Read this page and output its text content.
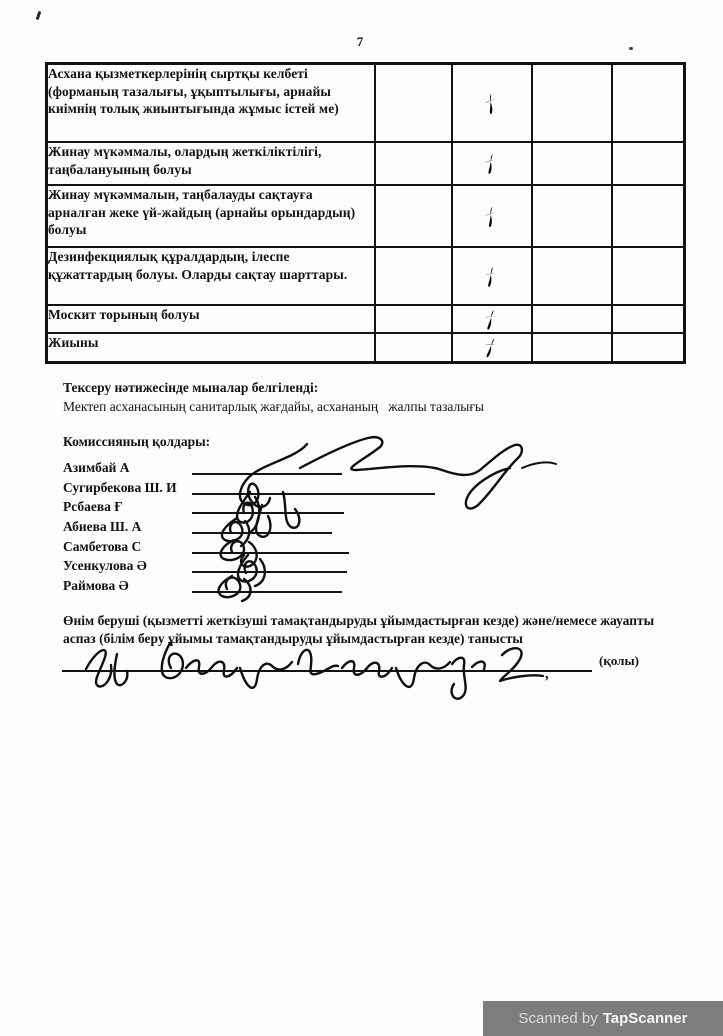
7
Асхана қызметкерлерінің сыртқы келбеті (форманың тазалығы, ұқыптылығы, арнайы киімнің толық жиынтығында жұмыс істей ме)				
Жинау мүкәммалы, олардың жеткіліктілігі, таңбалануының болуы				
Жинау мүкәммалын, таңбалауды сақтауға арналған жеке үй-жайдың (арнайы орындардың) болуы				
Дезинфекциялық құралдардың, ілеспе құжаттардың болуы. Оларды сақтау шарттары.				
Москит торының болуы				
Жиыны				
Тексеру нәтижесінде мыналар белгіленді:
Мектеп асханасының санитарлық жағдайы, асхананың   жалпы тазалығы
Комиссияның қолдары:
Азимбай А
Сугирбекова Ш. И
Рсбаева Ғ
Абиева Ш. А
Самбетова С
Усенкулова Ә
Раймова Ә
Өнім беруші (қызметті жеткізуші тамақтандыруды ұйымдастырған кезде) және/немесе жауапты аспаз (білім беру ұйымы тамақтандыруды ұйымдастырған кезде) танысты
,
(қолы)
Scanned by TapScanner
